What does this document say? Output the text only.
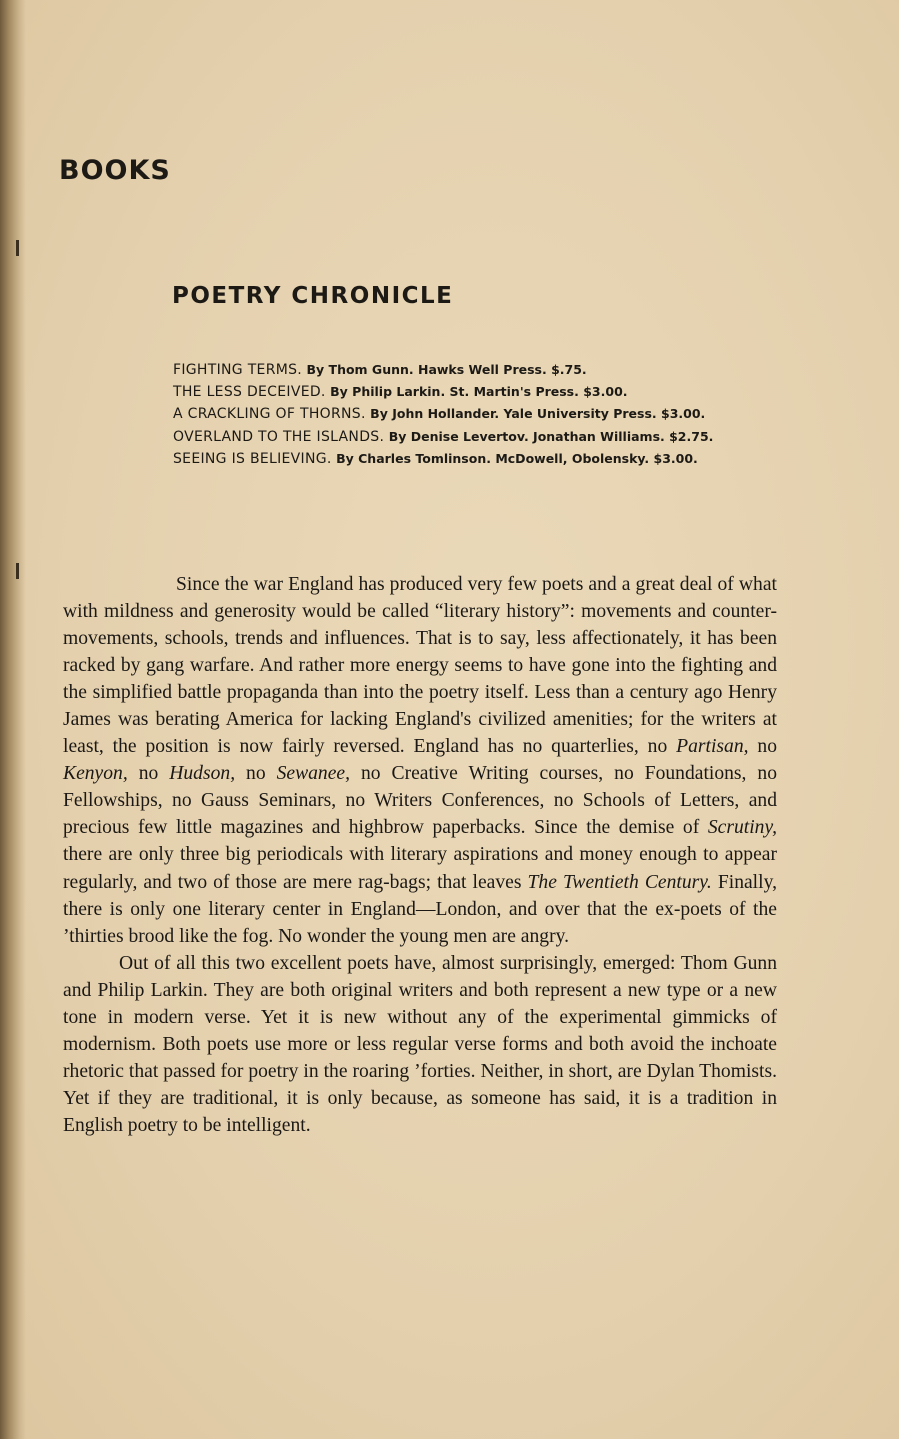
BOOKS
POETRY CHRONICLE
FIGHTING TERMS. By Thom Gunn. Hawks Well Press. $.75.
THE LESS DECEIVED. By Philip Larkin. St. Martin's Press. $3.00.
A CRACKLING OF THORNS. By John Hollander. Yale University Press. $3.00.
OVERLAND TO THE ISLANDS. By Denise Levertov. Jonathan Williams. $2.75.
SEEING IS BELIEVING. By Charles Tomlinson. McDowell, Obolensky. $3.00.

Since the war England has produced very few poets and a great deal of what with mildness and generosity would be called “literary history”: movements and counter-movements, schools, trends and influences. That is to say, less affectionately, it has been racked by gang warfare. And rather more energy seems to have gone into the fighting and the simplified battle propaganda than into the poetry itself. Less than a century ago Henry James was berating America for lacking England's civilized amenities; for the writers at least, the position is now fairly reversed. England has no quarterlies, no Partisan, no Kenyon, no Hudson, no Sewanee, no Creative Writing courses, no Foundations, no Fellowships, no Gauss Seminars, no Writers Conferences, no Schools of Letters, and precious few little magazines and highbrow paperbacks. Since the demise of Scrutiny, there are only three big periodicals with literary aspirations and money enough to appear regularly, and two of those are mere rag-bags; that leaves The Twentieth Century. Finally, there is only one literary center in England—London, and over that the ex-poets of the ’thirties brood like the fog. No wonder the young men are angry.

Out of all this two excellent poets have, almost surprisingly, emerged: Thom Gunn and Philip Larkin. They are both original writers and both represent a new type or a new tone in modern verse. Yet it is new without any of the experimental gimmicks of modernism. Both poets use more or less regular verse forms and both avoid the inchoate rhetoric that passed for poetry in the roaring ’forties. Neither, in short, are Dylan Thomists. Yet if they are traditional, it is only because, as someone has said, it is a tradition in English poetry to be intelligent.
